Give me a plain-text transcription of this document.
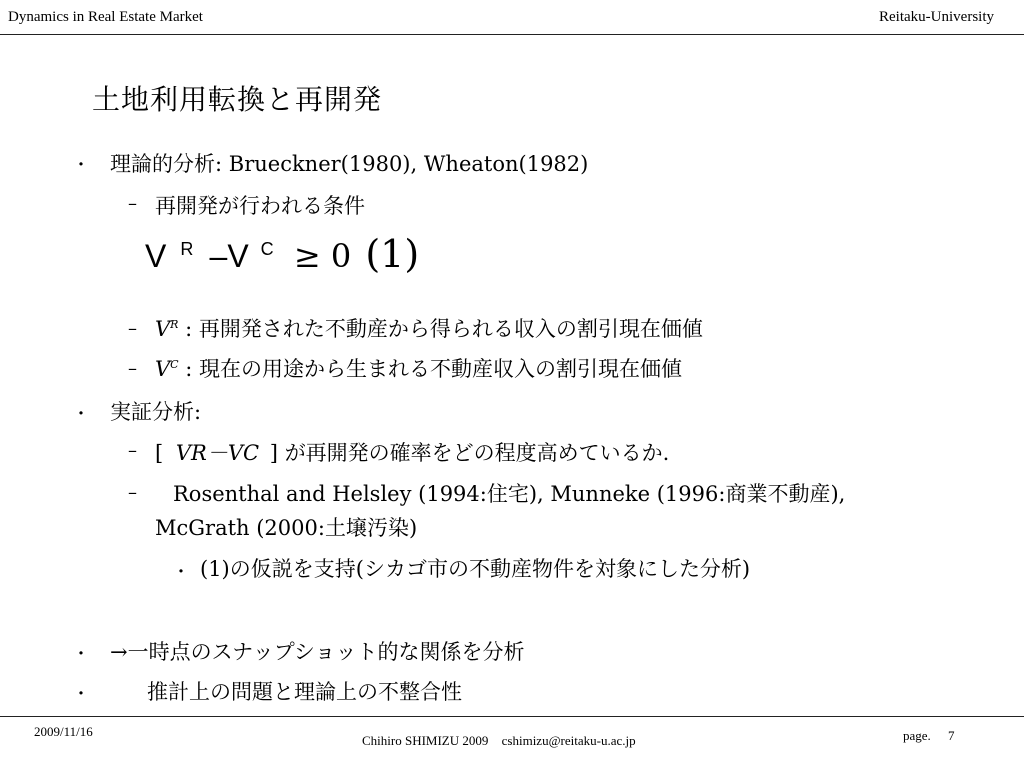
Dynamics in Real Estate Market	Reitaku-University
土地利用転換と再開発
・ 理論的分析: Brueckner(1980), Wheaton(1982)
– 再開発が行われる条件
V $^R$ –V $^C$ ≥ 0 (1)
– $V^R$ : 再開発された不動産から得られる収入の割引現在価値
– $V^C$ : 現在の用途から生まれる不動産収入の割引現在価値
・ 実証分析:
– [ VR－VC ] が再開発の確率をどの程度高めているか.
– Rosenthal and Helsley (1994:住宅), Munneke (1996:商業不動産),
McGrath (2000:土壌汚染)
・ (1)の仮説を支持(シカゴ市の不動産物件を対象にした分析)
・ →一時点のスナップショット的な関係を分析
・	推計上の問題と理論上の不整合性
2009/11/16
Chihiro SHIMIZU 2009 cshimizu@reitaku-u.ac.jp	page. 7
